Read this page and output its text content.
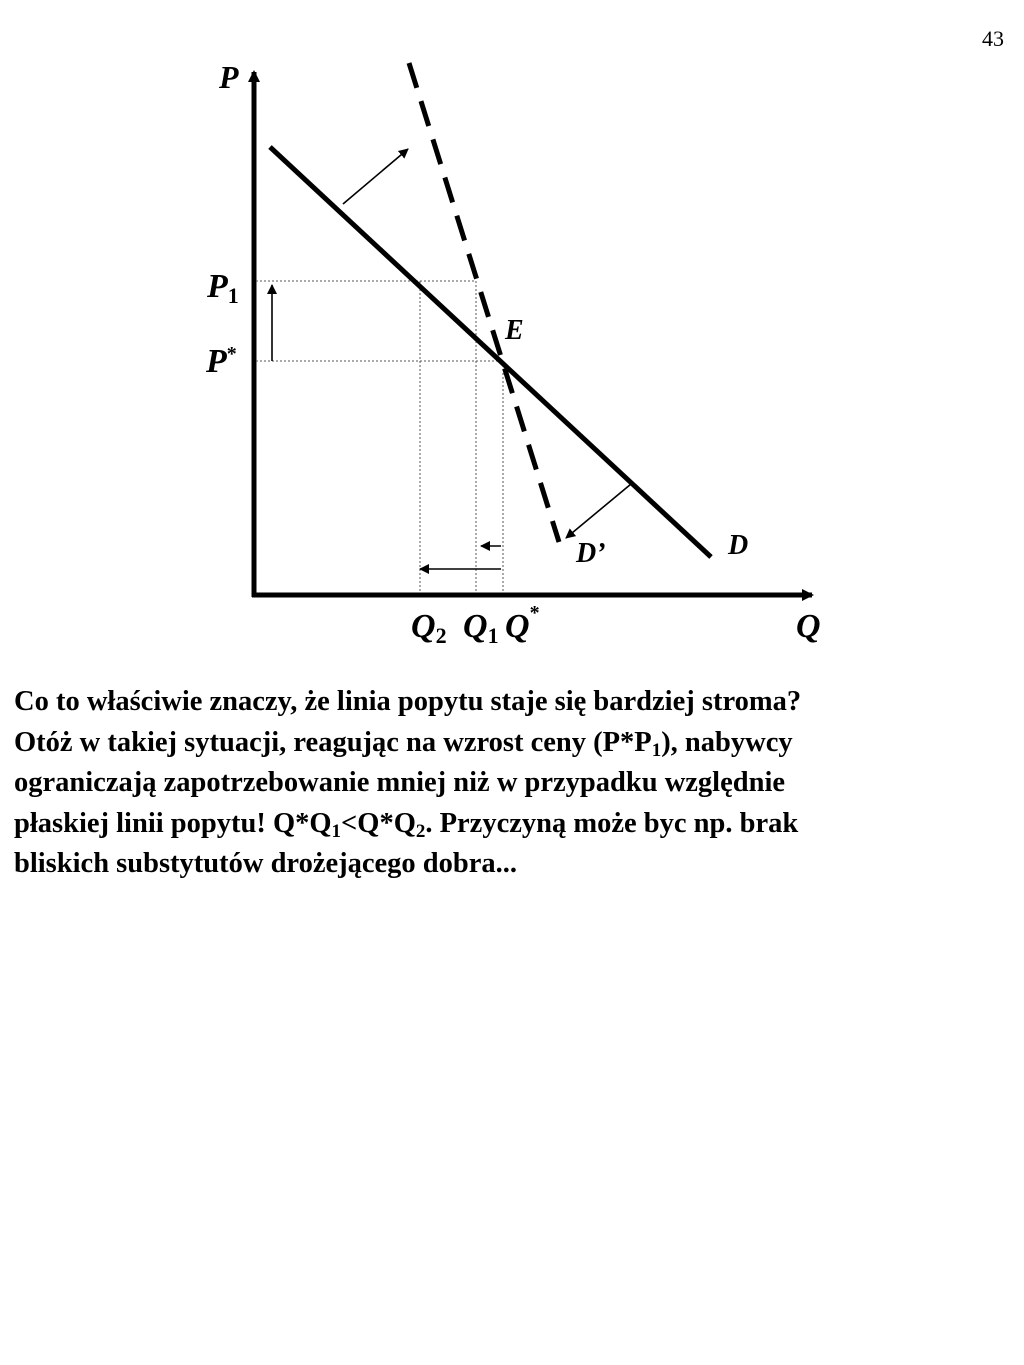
43
P
P1
P*
E
D’	D
Q2 Q1 Q*	Q
Co to właściwie znaczy, że linia popytu staje się bardziej stroma?
Otóż w takiej sytuacji, reagując na wzrost ceny $(P*P_1)$, nabywcy
ograniczają zapotrzebowanie mniej niż w przypadku względnie
płaskiej linii popytu! $Q*Q_1<Q*Q_2$. Przyczyną może byc np. brak
bliskich substytutów drożejącego dobra...
